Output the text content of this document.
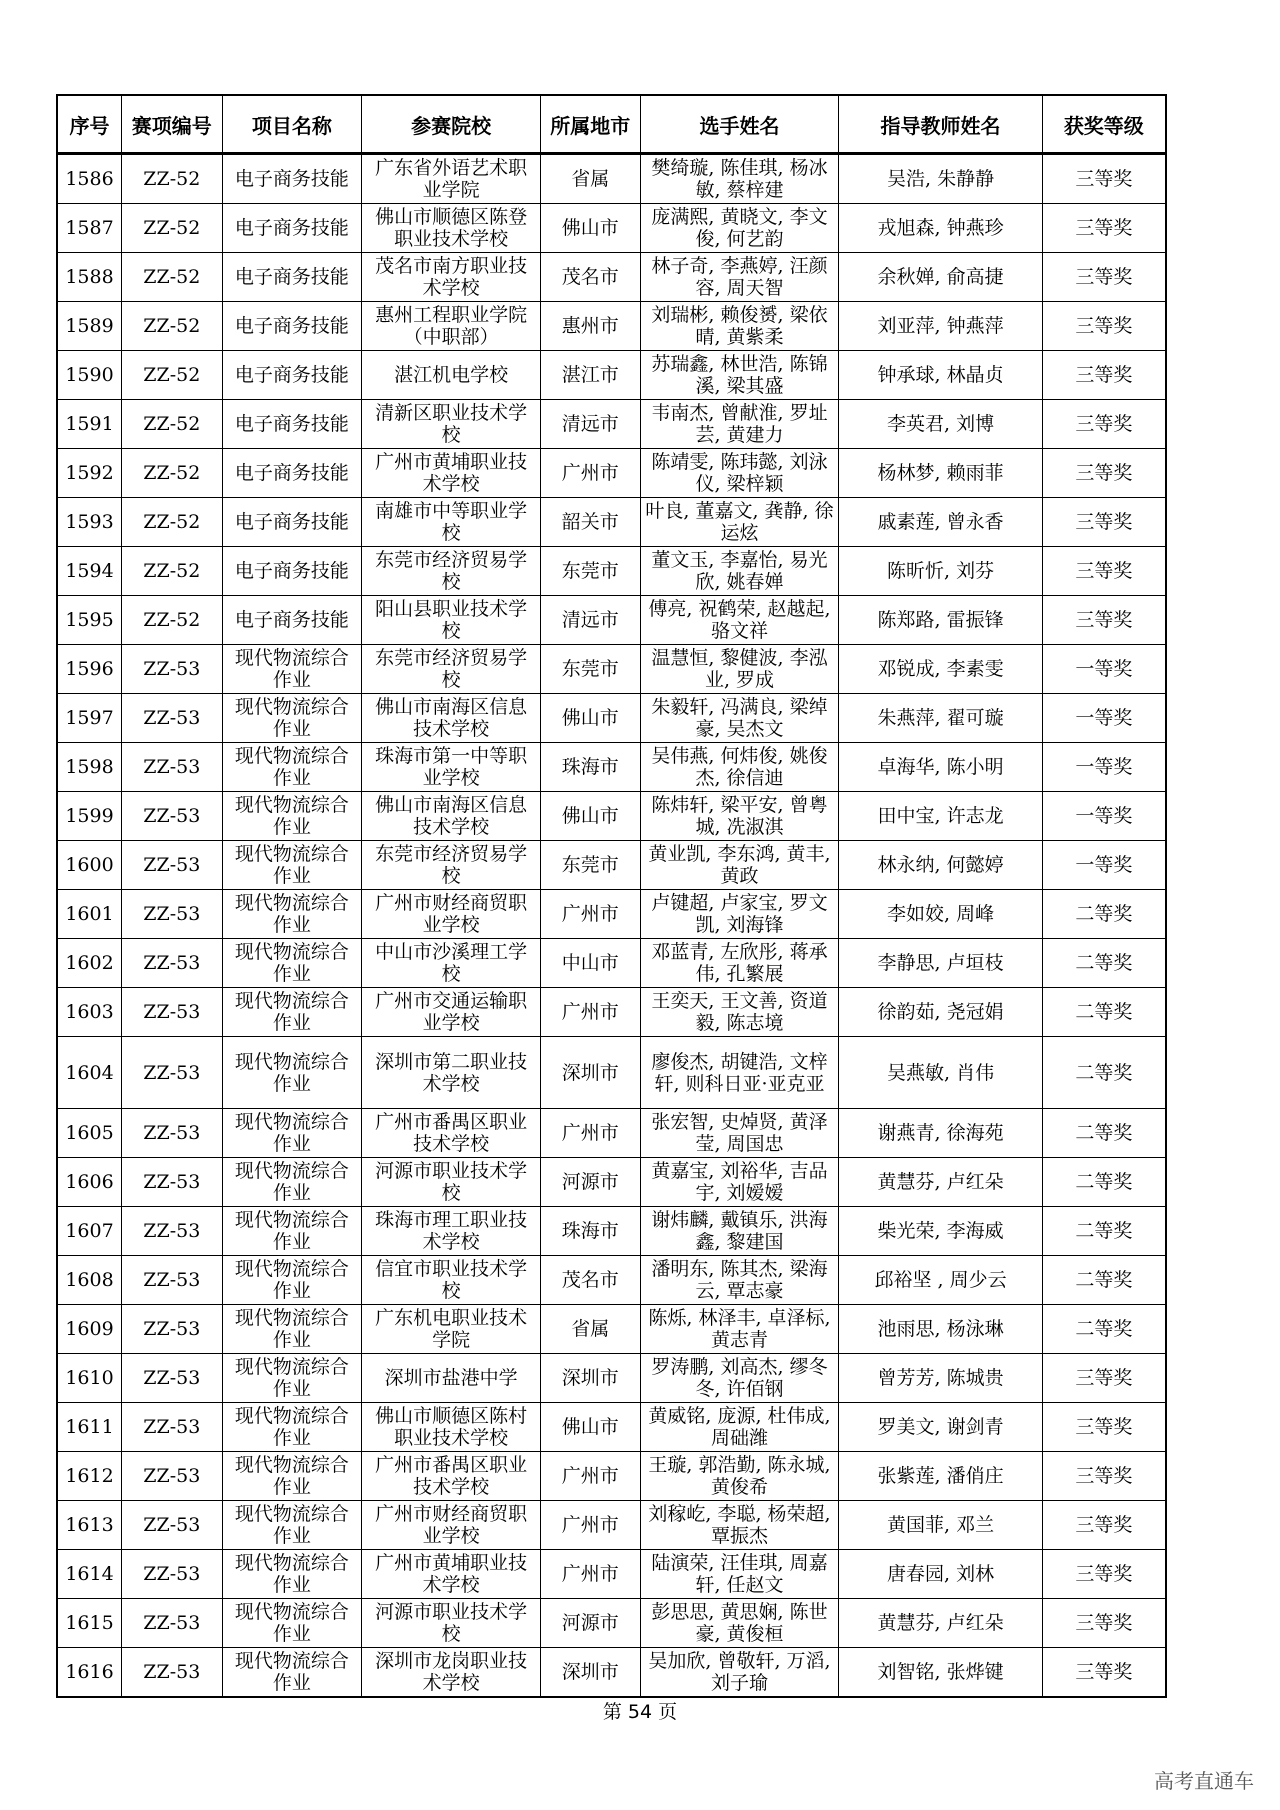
序号	赛项编号	项目名称	参赛院校	所属地市	选手姓名	指导教师姓名	获奖等级

1586	ZZ-52	电子商务技能	广东省外语艺术职业学院	省属	樊绮璇, 陈佳琪, 杨冰敏, 蔡梓建	吴浩, 朱静静	三等奖

1587	ZZ-52	电子商务技能	佛山市顺德区陈登职业技术学校	佛山市	庞满熙, 黄晓文, 李文俊, 何艺韵	戎旭森, 钟燕珍	三等奖

1588	ZZ-52	电子商务技能	茂名市南方职业技术学校	茂名市	林子奇, 李燕婷, 汪颜容, 周天智	余秋婵, 俞高捷	三等奖

1589	ZZ-52	电子商务技能	惠州工程职业学院（中职部）	惠州市	刘瑞彬, 赖俊赟, 梁依晴, 黄紫柔	刘亚萍, 钟燕萍	三等奖

1590	ZZ-52	电子商务技能	湛江机电学校	湛江市	苏瑞鑫, 林世浩, 陈锦溪, 梁其盛	钟承球, 林晶贞	三等奖

1591	ZZ-52	电子商务技能	清新区职业技术学校	清远市	韦南杰, 曾献淮, 罗址芸, 黄建力	李英君, 刘博	三等奖

1592	ZZ-52	电子商务技能	广州市黄埔职业技术学校	广州市	陈靖雯, 陈玮懿, 刘泳仪, 梁梓颖	杨林梦, 赖雨菲	三等奖

1593	ZZ-52	电子商务技能	南雄市中等职业学校	韶关市	叶良, 董嘉文, 龚静, 徐运炫	戚素莲, 曾永香	三等奖

1594	ZZ-52	电子商务技能	东莞市经济贸易学校	东莞市	董文玉, 李嘉怡, 易光欣, 姚春婵	陈昕忻, 刘芬	三等奖

1595	ZZ-52	电子商务技能	阳山县职业技术学校	清远市	傅亮, 祝鹤荣, 赵越起, 骆文祥	陈郑路, 雷振锋	三等奖

1596	ZZ-53	现代物流综合作业	东莞市经济贸易学校	东莞市	温慧恒, 黎健波, 李泓业, 罗成	邓锐成, 李素雯	一等奖

1597	ZZ-53	现代物流综合作业	佛山市南海区信息技术学校	佛山市	朱毅轩, 冯满良, 梁绰豪, 吴杰文	朱燕萍, 翟可璇	一等奖

1598	ZZ-53	现代物流综合作业	珠海市第一中等职业学校	珠海市	吴伟燕, 何炜俊, 姚俊杰, 徐信迪	卓海华, 陈小明	一等奖

1599	ZZ-53	现代物流综合作业	佛山市南海区信息技术学校	佛山市	陈炜轩, 梁平安, 曾粤城, 冼淑淇	田中宝, 许志龙	一等奖

1600	ZZ-53	现代物流综合作业	东莞市经济贸易学校	东莞市	黄业凯, 李东鸿, 黄丰, 黄政	林永纳, 何懿婷	一等奖

1601	ZZ-53	现代物流综合作业	广州市财经商贸职业学校	广州市	卢键超, 卢家宝, 罗文凯, 刘海锋	李如姣, 周峰	二等奖

1602	ZZ-53	现代物流综合作业	中山市沙溪理工学校	中山市	邓蓝青, 左欣彤, 蒋承伟, 孔繁展	李静思, 卢垣枝	二等奖

1603	ZZ-53	现代物流综合作业	广州市交通运输职业学校	广州市	王奕天, 王文善, 资道毅, 陈志境	徐韵茹, 尧冠娟	二等奖

1604	ZZ-53	现代物流综合作业	深圳市第二职业技术学校	深圳市	廖俊杰, 胡键浩, 文梓轩, 则科日亚·亚克亚	吴燕敏, 肖伟	二等奖

1605	ZZ-53	现代物流综合作业	广州市番禺区职业技术学校	广州市	张宏智, 史焯贤, 黄泽莹, 周国忠	谢燕青, 徐海苑	二等奖

1606	ZZ-53	现代物流综合作业	河源市职业技术学校	河源市	黄嘉宝, 刘裕华, 吉品宇, 刘嫒嫒	黄慧芬, 卢红朵	二等奖

1607	ZZ-53	现代物流综合作业	珠海市理工职业技术学校	珠海市	谢炜麟, 戴镇乐, 洪海鑫, 黎建国	柴光荣, 李海威	二等奖

1608	ZZ-53	现代物流综合作业	信宜市职业技术学校	茂名市	潘明东, 陈其杰, 梁海云, 覃志豪	邱裕坚 , 周少云	二等奖

1609	ZZ-53	现代物流综合作业	广东机电职业技术学院	省属	陈烁, 林泽丰, 卓泽标, 黄志青	池雨思, 杨泳琳	二等奖

1610	ZZ-53	现代物流综合作业	深圳市盐港中学	深圳市	罗涛鹏, 刘高杰, 缪冬冬, 许佰钢	曾芳芳, 陈城贵	三等奖

1611	ZZ-53	现代物流综合作业	佛山市顺德区陈村职业技术学校	佛山市	黄威铭, 庞源, 杜伟成, 周础潍	罗美文, 谢剑青	三等奖

1612	ZZ-53	现代物流综合作业	广州市番禺区职业技术学校	广州市	王璇, 郭浩勤, 陈永城, 黄俊希	张紫莲, 潘俏庄	三等奖

1613	ZZ-53	现代物流综合作业	广州市财经商贸职业学校	广州市	刘稼屹, 李聪, 杨荣超, 覃振杰	黄国菲, 邓兰	三等奖

1614	ZZ-53	现代物流综合作业	广州市黄埔职业技术学校	广州市	陆演荣, 汪佳琪, 周嘉轩, 任赵文	唐春园, 刘林	三等奖

1615	ZZ-53	现代物流综合作业	河源市职业技术学校	河源市	彭思思, 黄思娴, 陈世豪, 黄俊桓	黄慧芬, 卢红朵	三等奖

1616	ZZ-53	现代物流综合作业	深圳市龙岗职业技术学校	深圳市	吴加欣, 曾敬轩, 万滔, 刘子瑜	刘智铭, 张烨键	三等奖
第 54 页
高考直通车
